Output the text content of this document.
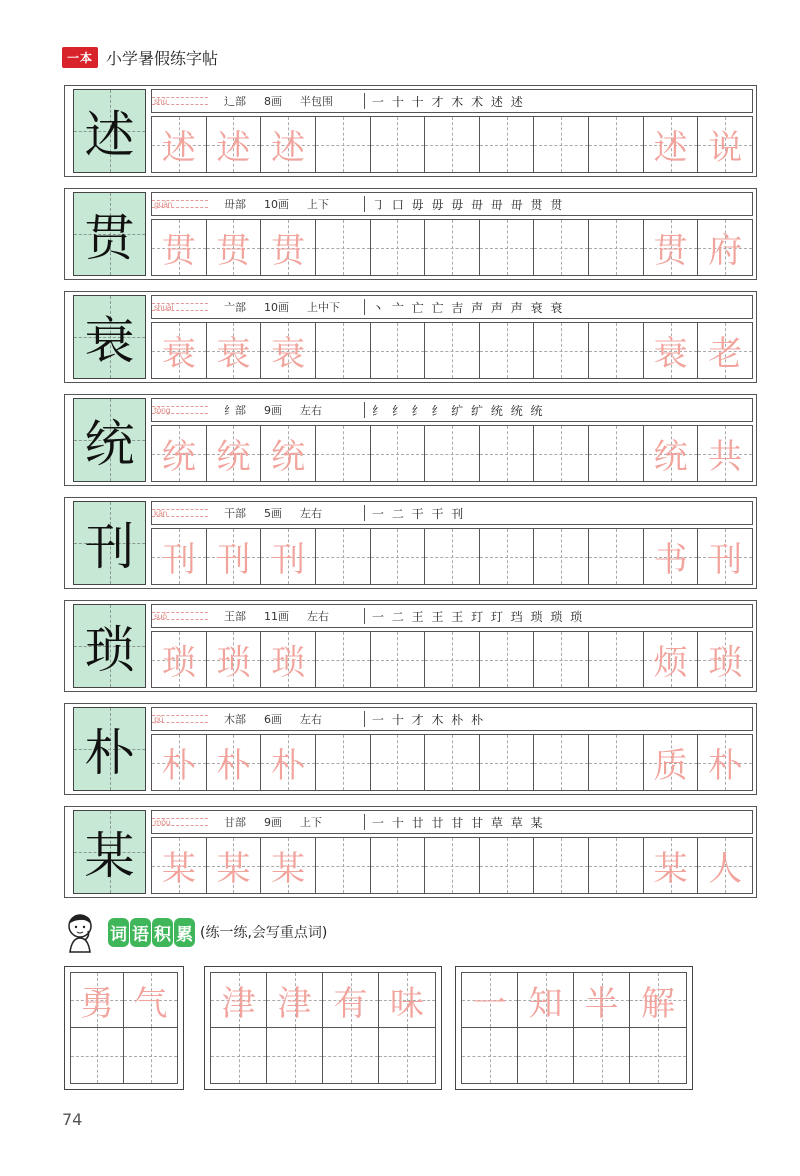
一本 小学暑假练字帖
述
shù	辶部 8画 半包围	一 十 十 才 木 术 述 述
述 述 述	述 说
贯
guàn	毌部 10画 上下	㇆ 口 毋 毋 毋 毌 毌 毌 贯 贯
贯 贯 贯	贯 府
衰
shuāi	亠部 10画 上中下	丶 亠 亡 亡 吉 声 声 声 衰 衰
衰 衰 衰	衰 老
统
tǒng	纟部 9画 左右	纟 纟 纟 纟 纩 纩 统 统 统
统 统 统	统 共
刊
kān	干部 5画 左右	一 二 干 干 刊
刊 刊 刊	书 刊
琐
suǒ	王部 11画 左右	一 二 王 王 王 玎 玎 珰 琐 琐 琐
琐 琐 琐	烦 琐
朴
pǔ	木部 6画 左右	一 十 才 木 朴 朴
朴 朴 朴	质 朴
某
mǒu	甘部 9画 上下	一 十 廿 廿 甘 甘 草 草 某
某 某 某	某 人
词 语 积 累 (练一练,会写重点词)
勇 气	津 津 有 味	一 知 半 解
74
